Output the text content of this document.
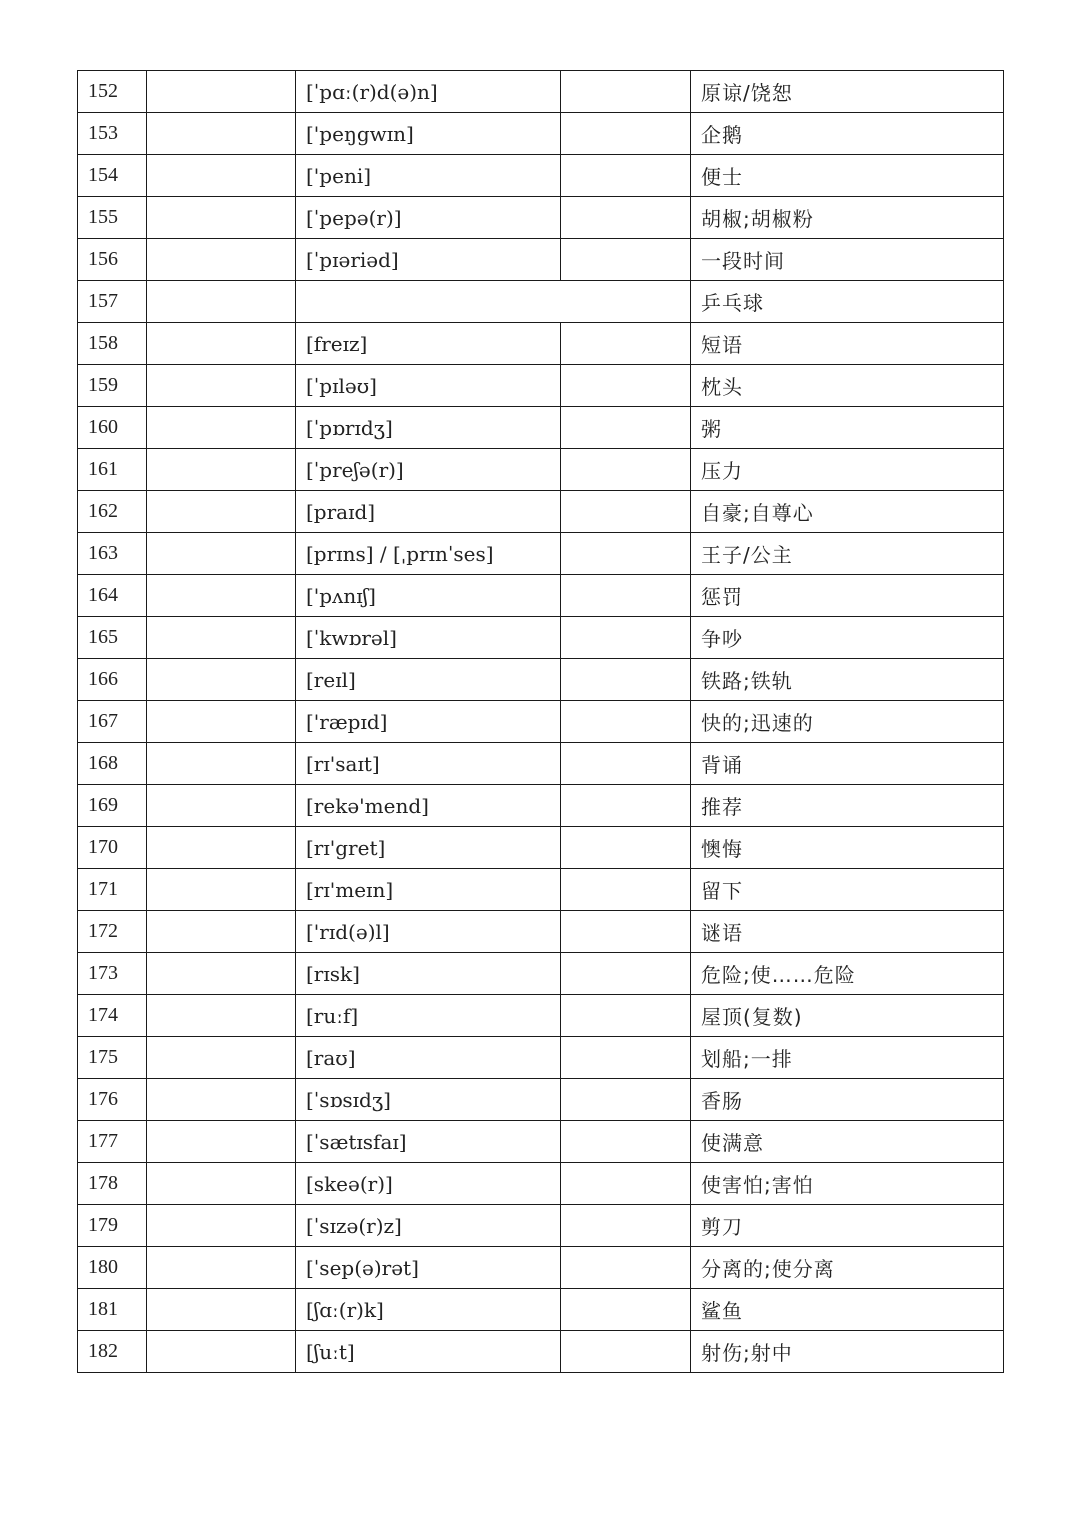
152		[ˈpɑː(r)d(ə)n]		原谅/饶恕
153		['peŋgwɪn]		企鹅
154		['peni]		便士
155		[ˈpepə(r)]		胡椒;胡椒粉
156		[ˈpɪəriəd]		一段时间
157				乒乓球
158		[freɪz]		短语
159		[ˈpɪləʊ]		枕头
160		[ˈpɒrɪdʒ]		粥
161		[ˈpreʃə(r)]		压力
162		[praɪd]		自豪;自尊心
163		[prɪns] / [ˌprɪnˈses]		王子/公主
164		['pʌnɪʃ]		惩罚
165		[ˈkwɒrəl]		争吵
166		[reɪl]		铁路;铁轨
167		['ræpɪd]		快的;迅速的
168		[rɪ'saɪt]		背诵
169		[rekə'mend]		推荐
170		[rɪ'gret]		懊悔
171		[rɪ'meɪn]		留下
172		['rɪd(ə)l]		谜语
173		[rɪsk]		危险;使……危险
174		[ruːf]		屋顶(复数)
175		[raʊ]		划船;一排
176		[ˈsɒsɪdʒ]		香肠
177		[ˈsætɪsfaɪ]		使满意
178		[skeə(r)]		使害怕;害怕
179		[ˈsɪzə(r)z]		剪刀
180		[ˈsep(ə)rət]		分离的;使分离
181		[ʃɑː(r)k]		鲨鱼
182		[ʃuːt]		射伤;射中
